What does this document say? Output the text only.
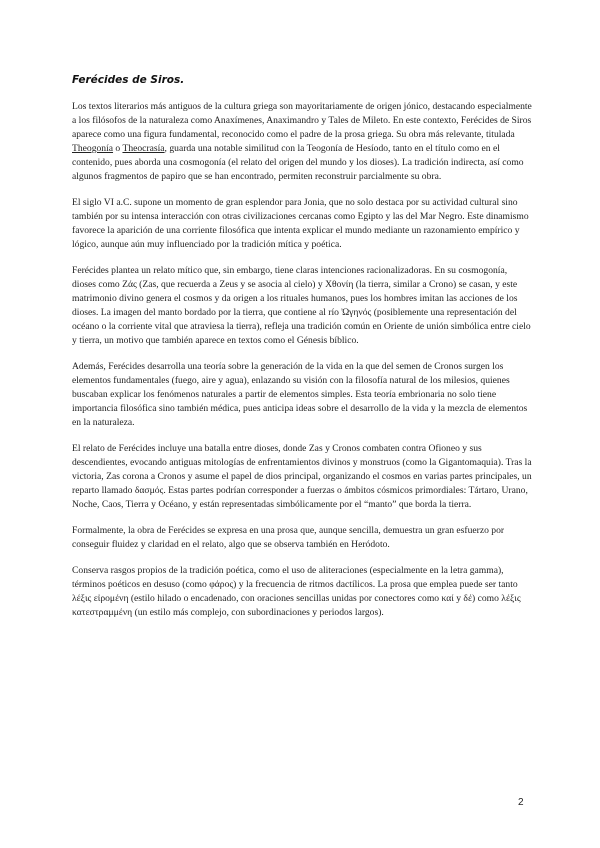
Ferécides de Siros.

Los textos literarios más antiguos de la cultura griega son mayoritariamente de origen jónico, destacando especialmente a los filósofos de la naturaleza como Anaxímenes, Anaximandro y Tales de Mileto. En este contexto, Ferécides de Siros aparece como una figura fundamental, reconocido como el padre de la prosa griega. Su obra más relevante, titulada Theogonía o Theocrasía, guarda una notable similitud con la Teogonía de Hesíodo, tanto en el título como en el contenido, pues aborda una cosmogonía (el relato del origen del mundo y los dioses). La tradición indirecta, así como algunos fragmentos de papiro que se han encontrado, permiten reconstruir parcialmente su obra.

El siglo VI a.C. supone un momento de gran esplendor para Jonia, que no solo destaca por su actividad cultural sino también por su intensa interacción con otras civilizaciones cercanas como Egipto y las del Mar Negro. Este dinamismo favorece la aparición de una corriente filosófica que intenta explicar el mundo mediante un razonamiento empírico y lógico, aunque aún muy influenciado por la tradición mítica y poética.

Ferécides plantea un relato mítico que, sin embargo, tiene claras intenciones racionalizadoras. En su cosmogonía, dioses como Ζάς (Zas, que recuerda a Zeus y se asocia al cielo) y Χθονίη (la tierra, similar a Crono) se casan, y este matrimonio divino genera el cosmos y da origen a los rituales humanos, pues los hombres imitan las acciones de los dioses. La imagen del manto bordado por la tierra, que contiene al río Ὠγηνός (posiblemente una representación del océano o la corriente vital que atraviesa la tierra), refleja una tradición común en Oriente de unión simbólica entre cielo y tierra, un motivo que también aparece en textos como el Génesis bíblico.

Además, Ferécides desarrolla una teoría sobre la generación de la vida en la que del semen de Cronos surgen los elementos fundamentales (fuego, aire y agua), enlazando su visión con la filosofía natural de los milesios, quienes buscaban explicar los fenómenos naturales a partir de elementos simples. Esta teoría embrionaria no solo tiene importancia filosófica sino también médica, pues anticipa ideas sobre el desarrollo de la vida y la mezcla de elementos en la naturaleza.

El relato de Ferécides incluye una batalla entre dioses, donde Zas y Cronos combaten contra Ofioneo y sus descendientes, evocando antiguas mitologías de enfrentamientos divinos y monstruos (como la Gigantomaquia). Tras la victoria, Zas corona a Cronos y asume el papel de dios principal, organizando el cosmos en varias partes principales, un reparto llamado δασμός. Estas partes podrían corresponder a fuerzas o ámbitos cósmicos primordiales: Tártaro, Urano, Noche, Caos, Tierra y Océano, y están representadas simbólicamente por el “manto” que borda la tierra.

Formalmente, la obra de Ferécides se expresa en una prosa que, aunque sencilla, demuestra un gran esfuerzo por conseguir fluidez y claridad en el relato, algo que se observa también en Heródoto.

Conserva rasgos propios de la tradición poética, como el uso de aliteraciones (especialmente en la letra gamma), términos poéticos en desuso (como φάρος) y la frecuencia de ritmos dactílicos. La prosa que emplea puede ser tanto λέξις εἰρομένη (estilo hilado o encadenado, con oraciones sencillas unidas por conectores como καί y δέ) como λέξις κατεστραμμένη (un estilo más complejo, con subordinaciones y periodos largos).

2
